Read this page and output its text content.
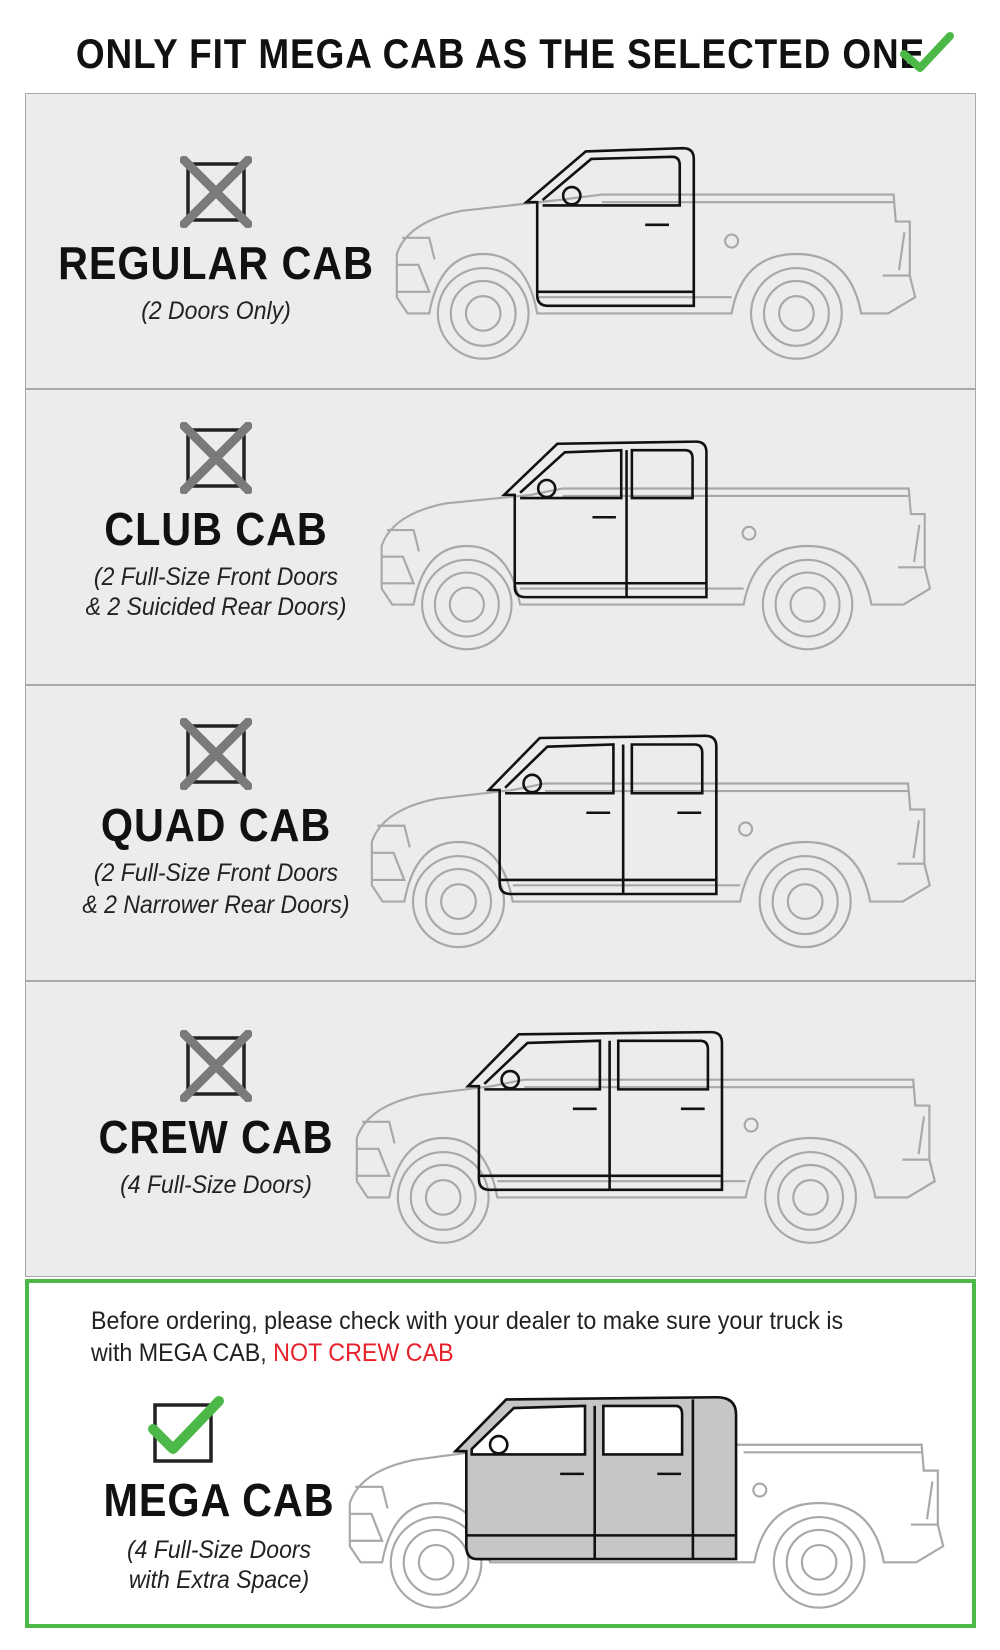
ONLY FIT MEGA CAB AS THE SELECTED ONE
REGULAR CAB
(2 Doors Only)
CLUB CAB
(2 Full-Size Front Doors
& 2 Suicided Rear Doors)
QUAD CAB
(2 Full-Size Front Doors
& 2 Narrower Rear Doors)
CREW CAB
(4 Full-Size Doors)
Before ordering, please check with your dealer to make sure your truck is
with MEGA CAB, NOT CREW CAB
MEGA CAB
(4 Full-Size Doors
with Extra Space)
